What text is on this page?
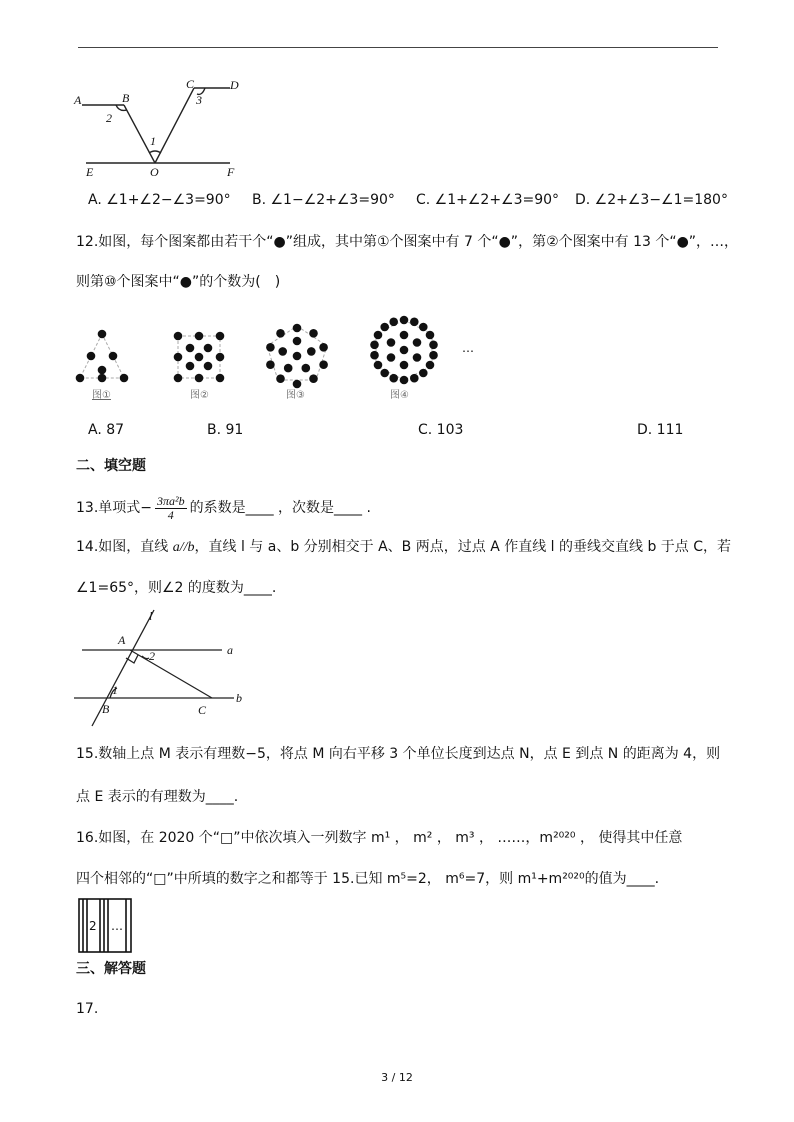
A	B
C	D
2
3
1
E	O	F
A. ∠1+∠2−∠3=90° B. ∠1−∠2+∠3=90° C. ∠1+∠2+∠3=90° D. ∠2+∠3−∠1=180°
12.如图，每个图案都由若干个“●”组成，其中第①个图案中有 7 个“●”，第②个图案中有 13 个“●”，…，
则第⑩个图案中“●”的个数为(　)
图①	图②	图③	图④
…
A. 87	B. 91	C. 103	D. 111
二、填空题
13.单项式 − $\frac{\text{3πa²b}}{4}$ 的系数是____ ，次数是____ .
14.如图，直线 a//b，直线 l 与 a、b 分别相交于 A、B 两点，过点 A 作直线 l 的垂线交直线 b 于点 C，若
∠1=65°，则∠2 的度数为____.
l
A
2	a
1
B	C
b
15.数轴上点 M 表示有理数−5，将点 M 向右平移 3 个单位长度到达点 N，点 E 到点 N 的距离为 4，则
点 E 表示的有理数为____.
16.如图，在 2020 个“□”中依次填入一列数字 m¹ ， m² ， m³ ， ……，m²⁰²⁰ ， 使得其中任意
四个相邻的“□”中所填的数字之和都等于 15.已知 m⁵=2， m⁶=7，则 m¹+m²⁰²⁰的值为____.
2 …
三、解答题
17.
3 / 12
